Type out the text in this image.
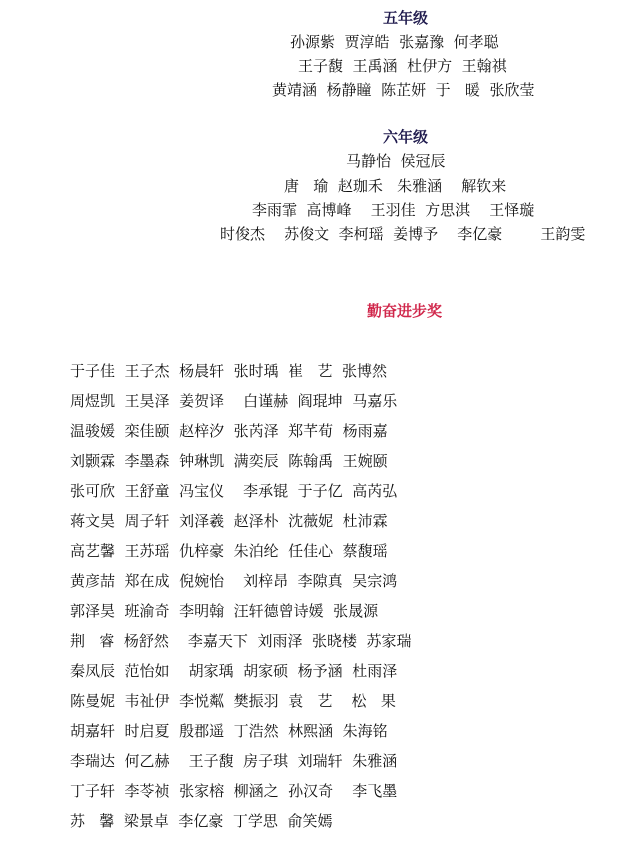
五年级

孙源紫  贾淳皓  张嘉豫  何孝聪

王子馥  王禹涵  杜伊方  王翰祺

黄靖涵  杨静瞳  陈芷妍  于   暖  张欣莹

六年级

马静怡  侯冠辰

唐   瑜  赵珈禾   朱雅涵    解钦来

李雨霏  高博峰    王羽佳  方思淇    王怿璇

时俊杰    苏俊文  李柯瑶  姜博予    李亿豪        王韵雯

勤奋进步奖

于子佳  王子杰  杨晨轩  张时瑀  崔   艺  张博然

周煜凯  王昊泽  姜贺译    白谨赫  阎琨坤  马嘉乐

温骏媛  栾佳颐  赵梓汐  张芮泽  郑芊荀  杨雨嘉

刘颢霖  李墨森  钟琳凯  满奕辰  陈翰禹  王婉颐

张可欣  王舒童  冯宝仪    李承锟  于子亿  高芮弘

蒋文昊  周子轩  刘泽羲  赵泽朴  沈薇妮  杜沛霖

高艺馨  王苏瑶  仇梓豪  朱泊纶  任佳心  蔡馥瑶

黄彦喆  郑在成  倪婉怡    刘梓昂  李隙真  吴宗鸿

郭泽昊  班渝奇  李明翰  汪轩德曾诗媛  张晟源

荆   睿  杨舒然    李嘉天下  刘雨泽  张晓楼  苏家瑞

秦凤辰  范怡如    胡家瑀  胡家硕  杨予涵  杜雨泽

陈曼妮  韦祉伊  李悦粼  樊振羽  袁   艺    松   果

胡嘉轩  时启夏  殷郡遥  丁浩然  林熙涵  朱海铭

李瑞达  何乙赫    王子馥  房子琪  刘瑞轩  朱雅涵

丁子轩  李苓祯  张家榕  柳涵之  孙汉奇    李飞墨

苏   馨  梁景卓  李亿豪  丁学思  俞笑嫣
